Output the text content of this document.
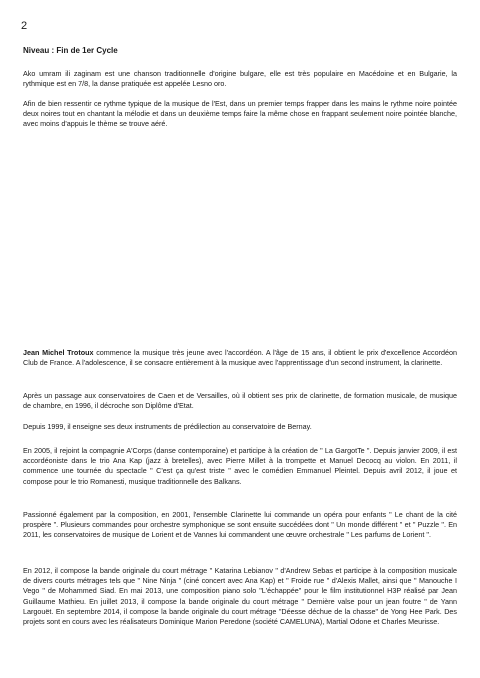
2
Niveau : Fin de 1er Cycle

Ako umram ili zaginam est une chanson traditionnelle d'origine bulgare, elle est très populaire en Macédoine et en Bulgarie, la rythmique est en 7/8, la danse pratiquée est appelée Lesno oro.

Afin de bien ressentir ce rythme typique de la musique de l'Est, dans un premier temps frapper dans les mains le rythme noire pointée deux noires tout en chantant la mélodie et dans un deuxième temps faire la même chose en frappant seulement noire pointée blanche, avec moins d'appuis le thème se trouve aéré.

Jean Michel Trotoux commence la musique très jeune avec l'accordéon. A l'âge de 15 ans, il obtient le prix d'excellence Accordéon Club de France. A l'adolescence, il se consacre entièrement à la musique avec l'apprentissage d'un second instrument, la clarinette.

Après un passage aux conservatoires de Caen et de Versailles, où il obtient ses prix de clarinette, de formation musicale, de musique de chambre, en 1996, il décroche son Diplôme d'Etat.

Depuis 1999, il enseigne ses deux instruments de prédilection au conservatoire de Bernay.

En 2005, il rejoint la compagnie A'Corps (danse contemporaine) et participe à la création de " La GargotTe ". Depuis janvier 2009, il est accordéoniste dans le trio Ana Kap (jazz à bretelles), avec Pierre Millet à la trompette et Manuel Decocq au violon. En 2011, il commence une tournée du spectacle " C'est ça qu'est triste " avec le comédien Emmanuel Pleintel. Depuis avril 2012, il joue et compose pour le trio Romanesti, musique traditionnelle des Balkans.

Passionné également par la composition, en 2001, l'ensemble Clarinette lui commande un opéra pour enfants " Le chant de la cité prospère ". Plusieurs commandes pour orchestre symphonique se sont ensuite succédées dont " Un monde différent " et " Puzzle ". En 2011, les conservatoires de musique de Lorient et de Vannes lui commandent une œuvre orchestrale " Les parfums de Lorient ".

En 2012, il compose la bande originale du court métrage " Katarina Lebianov " d'Andrew Sebas et participe à la composition musicale de divers courts métrages tels que " Nine Ninja " (ciné concert avec Ana Kap) et " Froide rue " d'Alexis Mallet, ainsi que " Manouche I Vego " de Mohammed Siad. En mai 2013, une composition piano solo "L'échappée" pour le film institutionnel H3P réalisé par Jean Guillaume Mathieu. En juillet 2013, il compose la bande originale du court métrage " Dernière valse pour un jean foutre " de Yann Largouët. En septembre 2014, il compose la bande originale du court métrage "Déesse déchue de la chasse" de Yong Hee Park. Des projets sont en cours avec les réalisateurs Dominique Marion Peredone (société CAMELUNA), Martial Odone et Charles Meurisse.
